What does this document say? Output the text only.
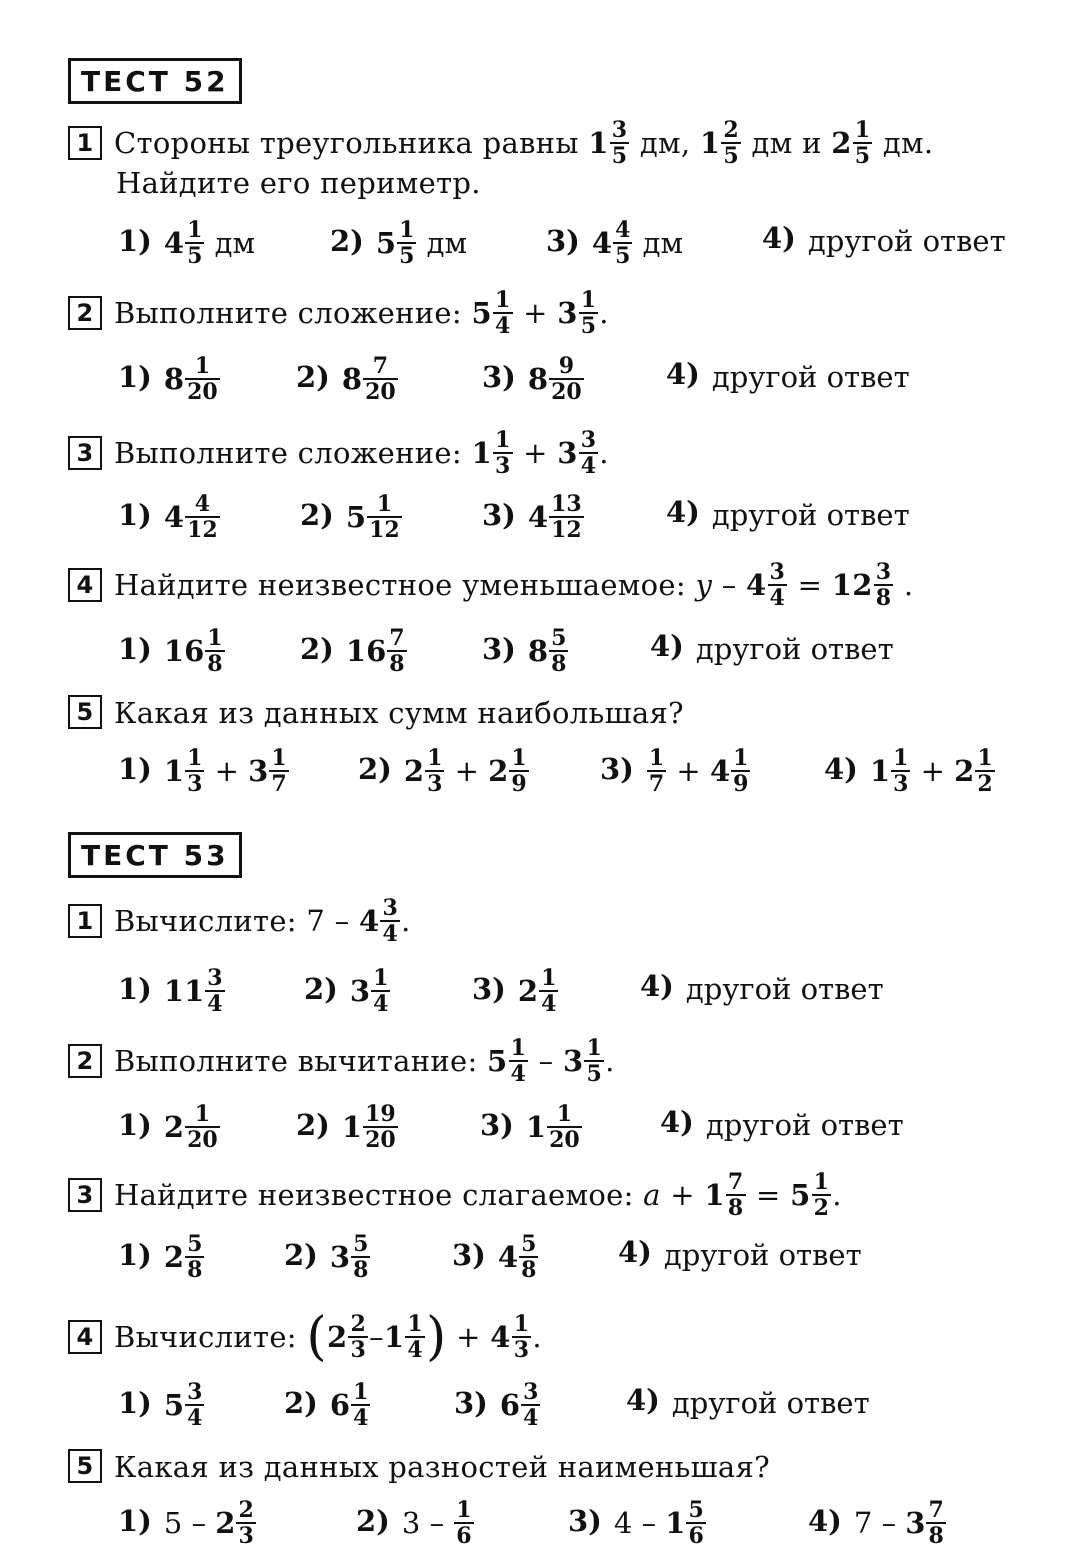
ТЕСТ 52
1 Стороны треугольника равны $1 \frac{3}{5}$ дм, $1 \frac{2}{5}$ дм и $2 \frac{1}{5}$ дм.
Найдите его периметр.
1) $4 \frac{1}{5}$ дм	2) $5 \frac{1}{5}$ дм	3) $4 \frac{4}{5}$ дм	4) другой ответ
2 Выполните сложение: $5 \frac{1}{4} + 3 \frac{1}{5}$ .
1) $8 \frac{1}{20}$	2) $8 \frac{7}{20}$	3) $8 \frac{9}{20}$	4) другой ответ
3 Выполните сложение: $1 \frac{1}{3} + 3 \frac{3}{4}$ .
1) $4 \frac{4}{12}$	2) $5 \frac{1}{12}$	3) $4 \frac{13}{12}$	4) другой ответ
4 Найдите неизвестное уменьшаемое: $y - 4 \frac{3}{4} = 12 \frac{3}{8}$ .
1) $16 \frac{1}{8}$	2) $16 \frac{7}{8}$	3) $8 \frac{5}{8}$	4) другой ответ
5 Какая из данных сумм наибольшая?
1) $1 \frac{1}{3} + 3 \frac{1}{7} 2$) $2 \frac{1}{3} + 2 \frac{1}{9} 3) \frac{1}{7} + 4 \frac{1}{9}$	4) $1 \frac{1}{3} + 2 \frac{1}{2}$
ТЕСТ 53
1 Вычислите: $7 - 4 \frac{3}{4}$ .
1) $11 \frac{3}{4}$	2) $3 \frac{1}{4}$	3) $2 \frac{1}{4}$	4) другой ответ
2 Выполните вычитание: $5 \frac{1}{4} - 3 \frac{1}{5}$ .
1) $2 \frac{1}{20}$	2) $1 \frac{19}{20}$	3) $1 \frac{1}{20}$	4) другой ответ
3 Найдите неизвестное слагаемое: $a + 1 \frac{7}{8} = 5 \frac{1}{2}$ .
1) $2 \frac{5}{8}$	2) $3 \frac{5}{8}$	3) $4 \frac{5}{8}$	4) другой ответ
4 Вычислите: ($2 \frac{2}{3} -1 \frac{1}{4}$ ) + $4 \frac{1}{3}$ .
1) $5 \frac{3}{4}$	2) $6 \frac{1}{4}$	3) $6 \frac{3}{4}$	4) другой ответ
5 Какая из данных разностей наименьшая?
1) $5 - 2 \frac{2}{3}$	2) $3 - \frac{1}{6}$	3) $4 - 1 \frac{5}{6}$	4) $7 - 3 \frac{7}{8}$
